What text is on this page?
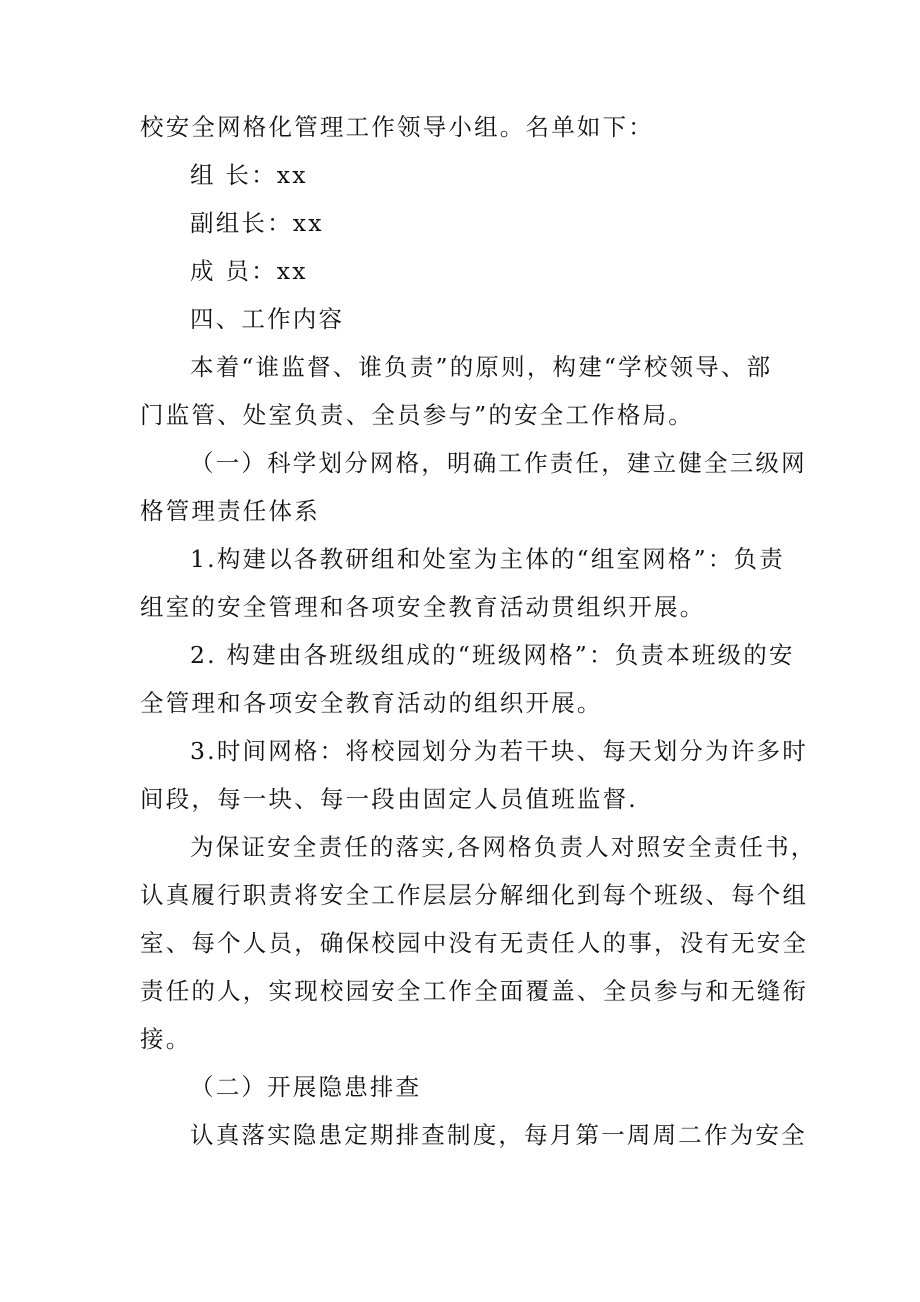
校安全网格化管理工作领导小组。名单如下：
组 长：xx
副组长：xx
成 员：xx
四、工作内容
本着“谁监督、谁负责”的原则，构建“学校领导、部
门监管、处室负责、全员参与”的安全工作格局。
（一）科学划分网格，明确工作责任，建立健全三级网
格管理责任体系
1.构建以各教研组和处室为主体的“组室网格”：负责
组室的安全管理和各项安全教育活动贯组织开展。
2. 构建由各班级组成的“班级网格”：负责本班级的安
全管理和各项安全教育活动的组织开展。
3.时间网格：将校园划分为若干块、每天划分为许多时
间段，每一块、每一段由固定人员值班监督.
为保证安全责任的落实,各网格负责人对照安全责任书，
认真履行职责将安全工作层层分解细化到每个班级、每个组
室、每个人员，确保校园中没有无责任人的事，没有无安全
责任的人，实现校园安全工作全面覆盖、全员参与和无缝衔
接。
（二）开展隐患排查
认真落实隐患定期排查制度，每月第一周周二作为安全
